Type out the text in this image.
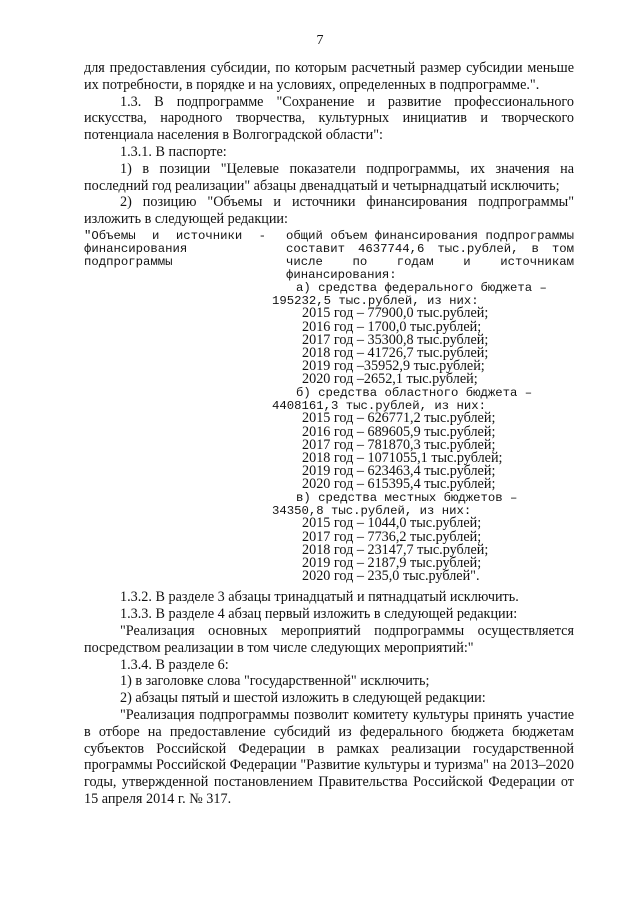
7

для предоставления субсидии, по которым расчетный размер субсидии меньше их потребности, в порядке и на условиях, определенных в подпрограмме.".

1.3. В подпрограмме "Сохранение и развитие профессионального искусства, народного творчества, культурных инициатив и творческого потенциала населения в Волгоградской области":

1.3.1. В паспорте:

1) в позиции "Целевые показатели подпрограммы, их значения на последний год реализации" абзацы двенадцатый и четырнадцатый исключить;

2) позицию "Объемы и источники финансирования подпрограммы" изложить в следующей редакции:

"Объемы и источники - финансирования подпрограммы

общий объем финансирования подпрограммы составит 4637744,6 тыс.рублей, в том числе по годам и источникам финансирования:

а) средства федерального бюджета –

195232,5 тыс.рублей, из них:

2015 год – 77900,0 тыс.рублей;

2016 год – 1700,0 тыс.рублей;

2017 год – 35300,8 тыс.рублей;

2018 год – 41726,7 тыс.рублей;

2019 год –35952,9 тыс.рублей;

2020 год –2652,1 тыс.рублей;

б) средства областного бюджета –

4408161,3 тыс.рублей, из них:

2015 год – 626771,2 тыс.рублей;

2016 год – 689605,9 тыс.рублей;

2017 год – 781870,3 тыс.рублей;

2018 год – 1071055,1 тыс.рублей;

2019 год – 623463,4 тыс.рублей;

2020 год – 615395,4 тыс.рублей;

в) средства местных бюджетов –

34350,8 тыс.рублей, из них:

2015 год – 1044,0 тыс.рублей;

2017 год – 7736,2 тыс.рублей;

2018 год – 23147,7 тыс.рублей;

2019 год – 2187,9 тыс.рублей;

2020 год – 235,0 тыс.рублей".

1.3.2. В разделе 3 абзацы тринадцатый и пятнадцатый исключить.

1.3.3. В разделе 4 абзац первый изложить в следующей редакции:

"Реализация основных мероприятий подпрограммы осуществляется посредством реализации в том числе следующих мероприятий:"

1.3.4. В разделе 6:

1) в заголовке слова "государственной" исключить;

2) абзацы пятый и шестой изложить в следующей редакции:

"Реализация подпрограммы позволит комитету культуры принять участие в отборе на предоставление субсидий из федерального бюджета бюджетам субъектов Российской Федерации в рамках реализации государственной программы Российской Федерации "Развитие культуры и туризма" на 2013–2020 годы, утвержденной постановлением Правительства Российской Федерации от 15 апреля 2014 г. № 317.
